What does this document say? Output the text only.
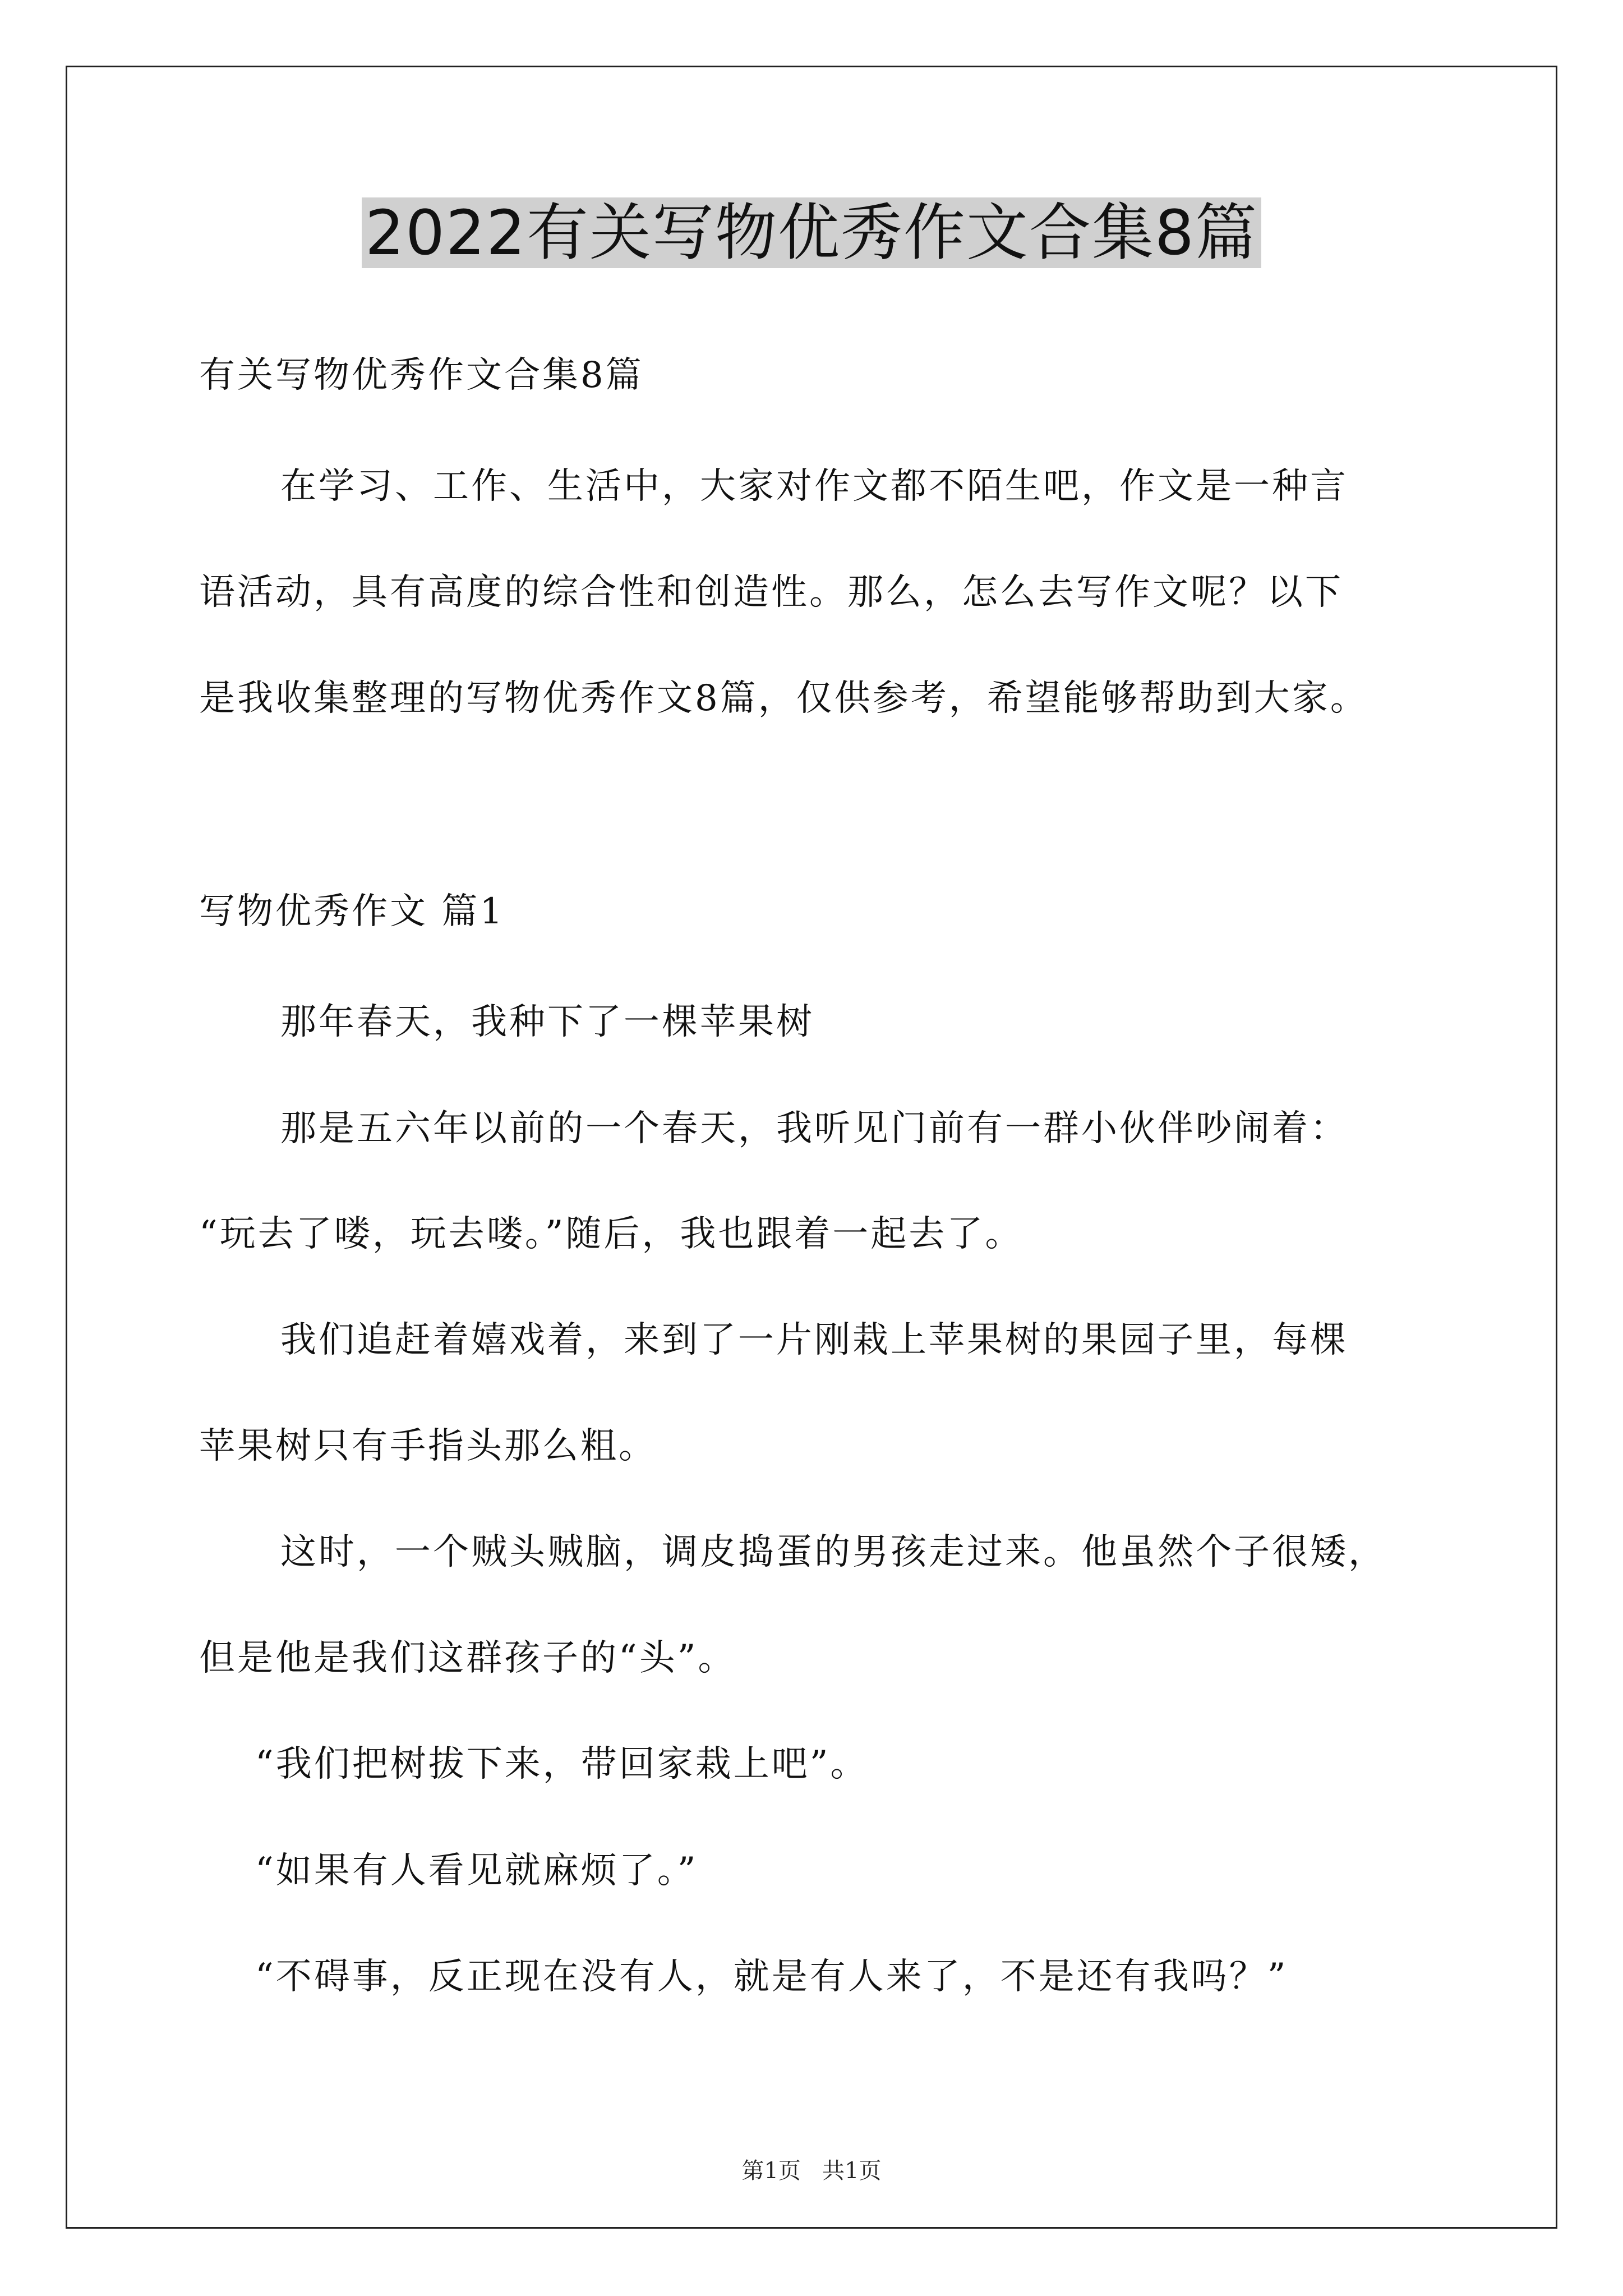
2022有关写物优秀作文合集8篇

有关写物优秀作文合集8篇

在学习、工作、生活中，大家对作文都不陌生吧，作文是一种言

语活动，具有高度的综合性和创造性。那么，怎么去写作文呢？以下

是我收集整理的写物优秀作文8篇，仅供参考，希望能够帮助到大家。

写物优秀作文 篇1

那年春天，我种下了一棵苹果树

那是五六年以前的一个春天，我听见门前有一群小伙伴吵闹着：

“玩去了喽，玩去喽。”随后，我也跟着一起去了。

我们追赶着嬉戏着，来到了一片刚栽上苹果树的果园子里，每棵

苹果树只有手指头那么粗。

这时，一个贼头贼脑，调皮捣蛋的男孩走过来。他虽然个子很矮，

但是他是我们这群孩子的“头”。

“我们把树拔下来，带回家栽上吧”。

“如果有人看见就麻烦了。”

“不碍事，反正现在没有人，就是有人来了，不是还有我吗？”

第1页   共1页
